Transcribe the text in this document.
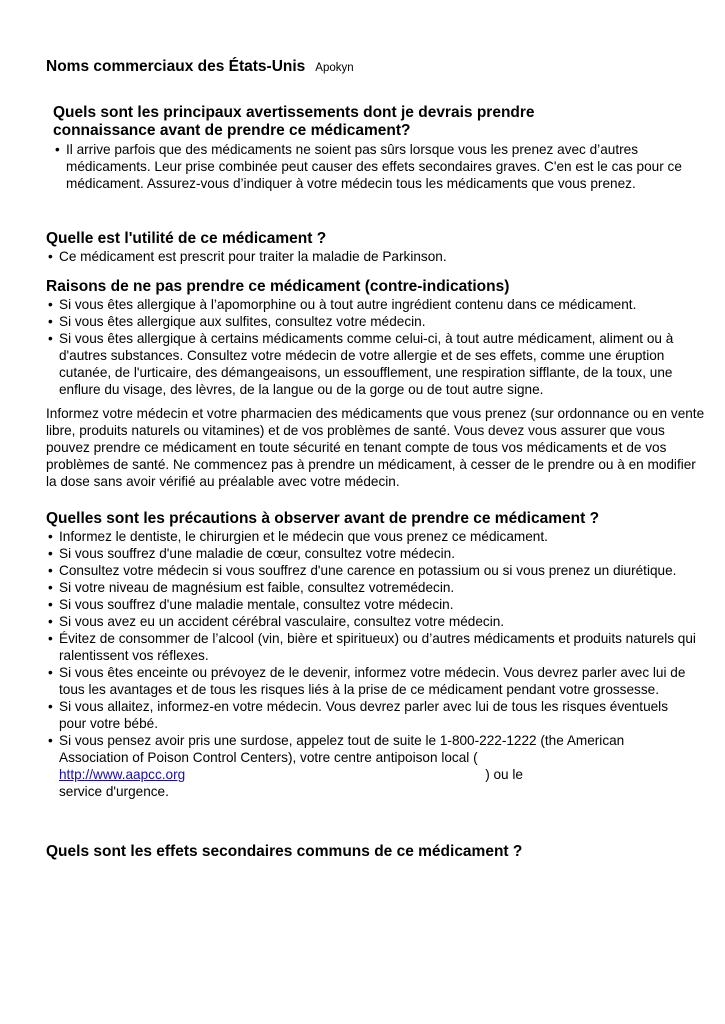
Noms commerciaux des États-Unis Apokyn
Quels sont les principaux avertissements dont je devrais prendre
connaissance avant de prendre ce médicament?
• Il arrive parfois que des médicaments ne soient pas sûrs lorsque vous les prenez avec d’autres médicaments. Leur prise combinée peut causer des effets secondaires graves. C'en est le cas pour ce médicament. Assurez-vous d’indiquer à votre médecin tous les médicaments que vous prenez.
Quelle est l'utilité de ce médicament ?
• Ce médicament est prescrit pour traiter la maladie de Parkinson.
Raisons de ne pas prendre ce médicament (contre-indications)
• Si vous êtes allergique à l’apomorphine ou à tout autre ingrédient contenu dans ce médicament.
• Si vous êtes allergique aux sulfites, consultez votre médecin.
• Si vous êtes allergique à certains médicaments comme celui-ci, à tout autre médicament, aliment ou à d'autres substances. Consultez votre médecin de votre allergie et de ses effets, comme une éruption cutanée, de l'urticaire, des démangeaisons, un essoufflement, une respiration sifflante, de la toux, une enflure du visage, des lèvres, de la langue ou de la gorge ou de tout autre signe.
Informez votre médecin et votre pharmacien des médicaments que vous prenez (sur ordonnance ou en vente libre, produits naturels ou vitamines) et de vos problèmes de santé. Vous devez vous assurer que vous pouvez prendre ce médicament en toute sécurité en tenant compte de tous vos médicaments et de vos problèmes de santé. Ne commencez pas à prendre un médicament, à cesser de le prendre ou à en modifier la dose sans avoir vérifié au préalable avec votre médecin.
Quelles sont les précautions à observer avant de prendre ce médicament ?
• Informez le dentiste, le chirurgien et le médecin que vous prenez ce médicament.
• Si vous souffrez d'une maladie de cœur, consultez votre médecin.
• Consultez votre médecin si vous souffrez d'une carence en potassium ou si vous prenez un diurétique.
• Si votre niveau de magnésium est faible, consultez votremédecin.
• Si vous souffrez d'une maladie mentale, consultez votre médecin.
• Si vous avez eu un accident cérébral vasculaire, consultez votre médecin.
• Évitez de consommer de l’alcool (vin, bière et spiritueux) ou d’autres médicaments et produits naturels qui ralentissent vos réflexes.
• Si vous êtes enceinte ou prévoyez de le devenir, informez votre médecin. Vous devrez parler avec lui de tous les avantages et de tous les risques liés à la prise de ce médicament pendant votre grossesse.
• Si vous allaitez, informez-en votre médecin. Vous devrez parler avec lui de tous les risques éventuels pour votre bébé.
• Si vous pensez avoir pris une surdose, appelez tout de suite le 1-800-222-1222 (the American Association of Poison Control Centers), votre centre antipoison local (
http://www.aapcc.org	) ou le
service d'urgence.
Quels sont les effets secondaires communs de ce médicament ?
